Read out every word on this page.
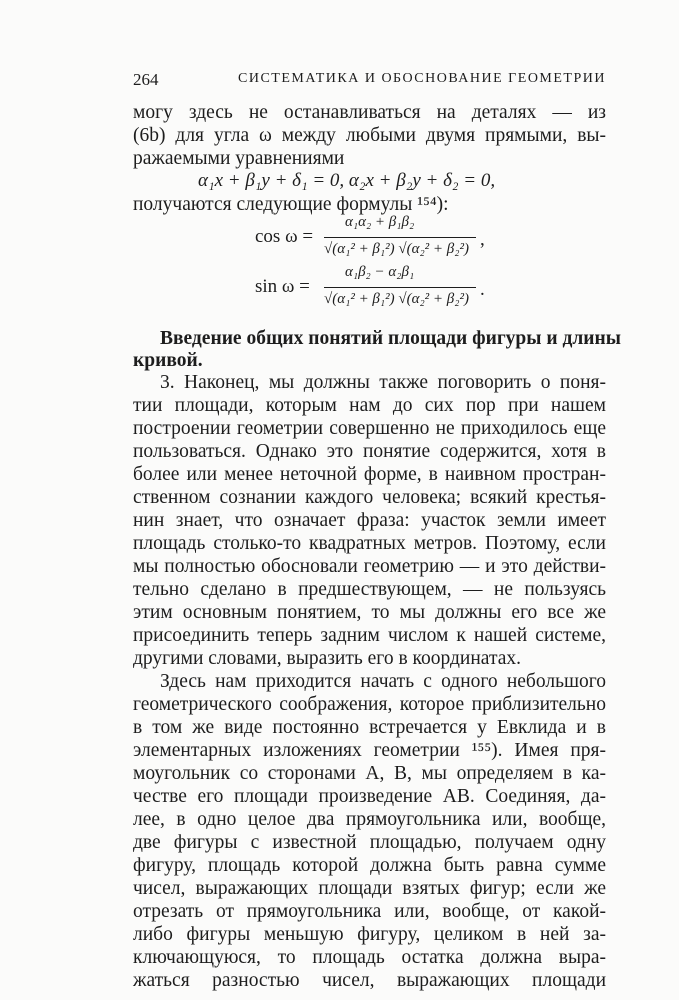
264	СИСТЕМАТИКА И ОБОСНОВАНИЕ ГЕОМЕТРИИ
могу здесь не останавливаться на деталях — из
(6b) для угла ω между любыми двумя прямыми, вы-
ражаемыми уравнениями
α₁x + β₁y + δ₁ = 0, α₂x + β₂y + δ₂ = 0,
получаются следующие формулы ¹⁵⁴):
cos ω =
α₁α₂ + β₁β₂
√(α₁² + β₁²) √(α₂² + β₂²) ,
sin ω =
α₁β₂ − α₂β₁
√(α₁² + β₁²) √(α₂² + β₂²) .
Введение общих понятий площади фигуры и длины
кривой.
3. Наконец, мы должны также поговорить о поня-
тии площади, которым нам до сих пор при нашем
построении геометрии совершенно не приходилось еще
пользоваться. Однако это понятие содержится, хотя в
более или менее неточной форме, в наивном простран-
ственном сознании каждого человека; всякий крестья-
нин знает, что означает фраза: участок земли имеет
площадь столько-то квадратных метров. Поэтому, если
мы полностью обосновали геометрию — и это действи-
тельно сделано в предшествующем, — не пользуясь
этим основным понятием, то мы должны его все же
присоединить теперь задним числом к нашей системе,
другими словами, выразить его в координатах.
Здесь нам приходится начать с одного небольшого
геометрического соображения, которое приблизительно
в том же виде постоянно встречается у Евклида и в
элементарных изложениях геометрии ¹⁵⁵). Имея пря-
моугольник со сторонами A, B, мы определяем в ка-
честве его площади произведение AB. Соединяя, да-
лее, в одно целое два прямоугольника или, вообще,
две фигуры с известной площадью, получаем одну
фигуру, площадь которой должна быть равна сумме
чисел, выражающих площади взятых фигур; если же
отрезать от прямоугольника или, вообще, от какой-
либо фигуры меньшую фигуру, целиком в ней за-
ключающуюся, то площадь остатка должна выра-
жаться разностью чисел, выражающих площади
